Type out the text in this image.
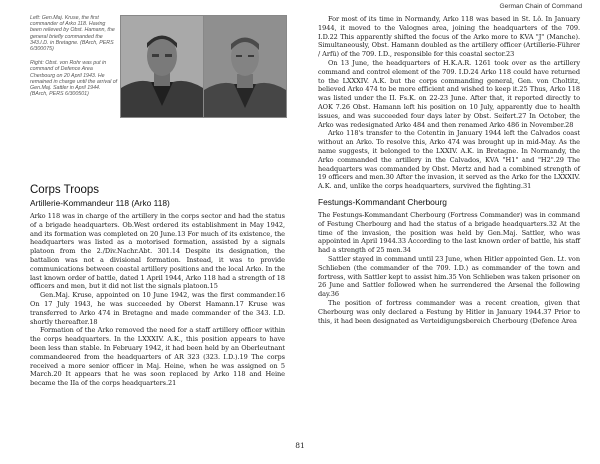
German Chain of Command

Left: Gen.Maj. Kruse, the first commander of Arko 118. Having been relieved by Obst. Hamann, the general briefly commanded the 343.I.D. in Bretagne. (BArch, PERS 6/300075)

Right: Obst. von Rohr was put in command of Defence Area Cherbourg on 20 April 1943. He remained in charge until the arrival of Gen.Maj. Sattler in April 1944. (BArch, PERS 6/300501)

Corps Troops
Artillerie-Kommandeur 118 (Arko 118)

Arko 118 was in charge of the artillery in the corps sector and had the status of a brigade headquarters. Ob.West ordered its establishment in May 1942, and its formation was completed on 20 June.13 For much of its existence, the headquarters was listed as a motorised formation, assisted by a signals platoon from the 2./Div.Nachr.Abt. 301.14 Despite its designation, the battalion was not a divisional formation. Instead, it was to provide communications between coastal artillery positions and the local Arko. In the last known order of battle, dated 1 April 1944, Arko 118 had a strength of 18 officers and men, but it did not list the signals platoon.15

Gen.Maj. Kruse, appointed on 10 June 1942, was the first commander.16 On 17 July 1943, he was succeeded by Oberst Hamann.17 Kruse was transferred to Arko 474 in Bretagne and made commander of the 343. I.D. shortly thereafter.18

Formation of the Arko removed the need for a staff artillery officer within the corps headquarters. In the LXXXIV. A.K., this position appears to have been less than stable. In February 1942, it had been held by an Oberleutnant commandeered from the headquarters of AR 323 (323. I.D.).19 The corps received a more senior officer in Maj. Heine, when he was assigned on 5 March.20 It appears that he was soon replaced by Arko 118 and Heine became the IIa of the corps headquarters.21

For most of its time in Normandy, Arko 118 was based in St. Lô. In January 1944, it moved to the Valognes area, joining the headquarters of the 709. I.D.22 This apparently shifted the focus of the Arko more to KVA "J" (Manche). Simultaneously, Obst. Hamann doubled as the artillery officer (Artillerie-Führer / Arfü) of the 709. I.D., responsible for this coastal sector.23

On 13 June, the headquarters of H.K.A.R. 1261 took over as the artillery command and control element of the 709. I.D.24 Arko 118 could have returned to the LXXXIV. A.K. but the corps commanding general, Gen. von Choltitz, believed Arko 474 to be more efficient and wished to keep it.25 Thus, Arko 118 was listed under the II. Fs.K. on 22-23 June. After that, it reported directly to AOK 7.26 Obst. Hamann left his position on 10 July, apparently due to health issues, and was succeeded four days later by Obst. Seifert.27 In October, the Arko was redesignated Arko 484 and then renamed Arko 486 in November.28

Arko 118's transfer to the Cotentin in January 1944 left the Calvados coast without an Arko. To resolve this, Arko 474 was brought up in mid-May. As the name suggests, it belonged to the LXXIV. A.K. in Bretagne. In Normandy, the Arko commanded the artillery in the Calvados, KVA "H1" and "H2".29 The headquarters was commanded by Obst. Mertz and had a combined strength of 19 officers and men.30 After the invasion, it served as the Arko for the LXXXIV. A.K. and, unlike the corps headquarters, survived the fighting.31

Festungs-Kommandant Cherbourg

The Festungs-Kommandant Cherbourg (Fortress Commander) was in command of Festung Cherbourg and had the status of a brigade headquarters.32 At the time of the invasion, the position was held by Gen.Maj. Sattler, who was appointed in April 1944.33 According to the last known order of battle, his staff had a strength of 25 men.34

Sattler stayed in command until 23 June, when Hitler appointed Gen. Lt. von Schlieben (the commander of the 709. I.D.) as commander of the town and fortress, with Sattler kept to assist him.35 Von Schlieben was taken prisoner on 26 June and Sattler followed when he surrendered the Arsenal the following day.36

The position of fortress commander was a recent creation, given that Cherbourg was only declared a Festung by Hitler in January 1944.37 Prior to this, it had been designated as Verteidigungsbereich Cherbourg (Defence Area

81
